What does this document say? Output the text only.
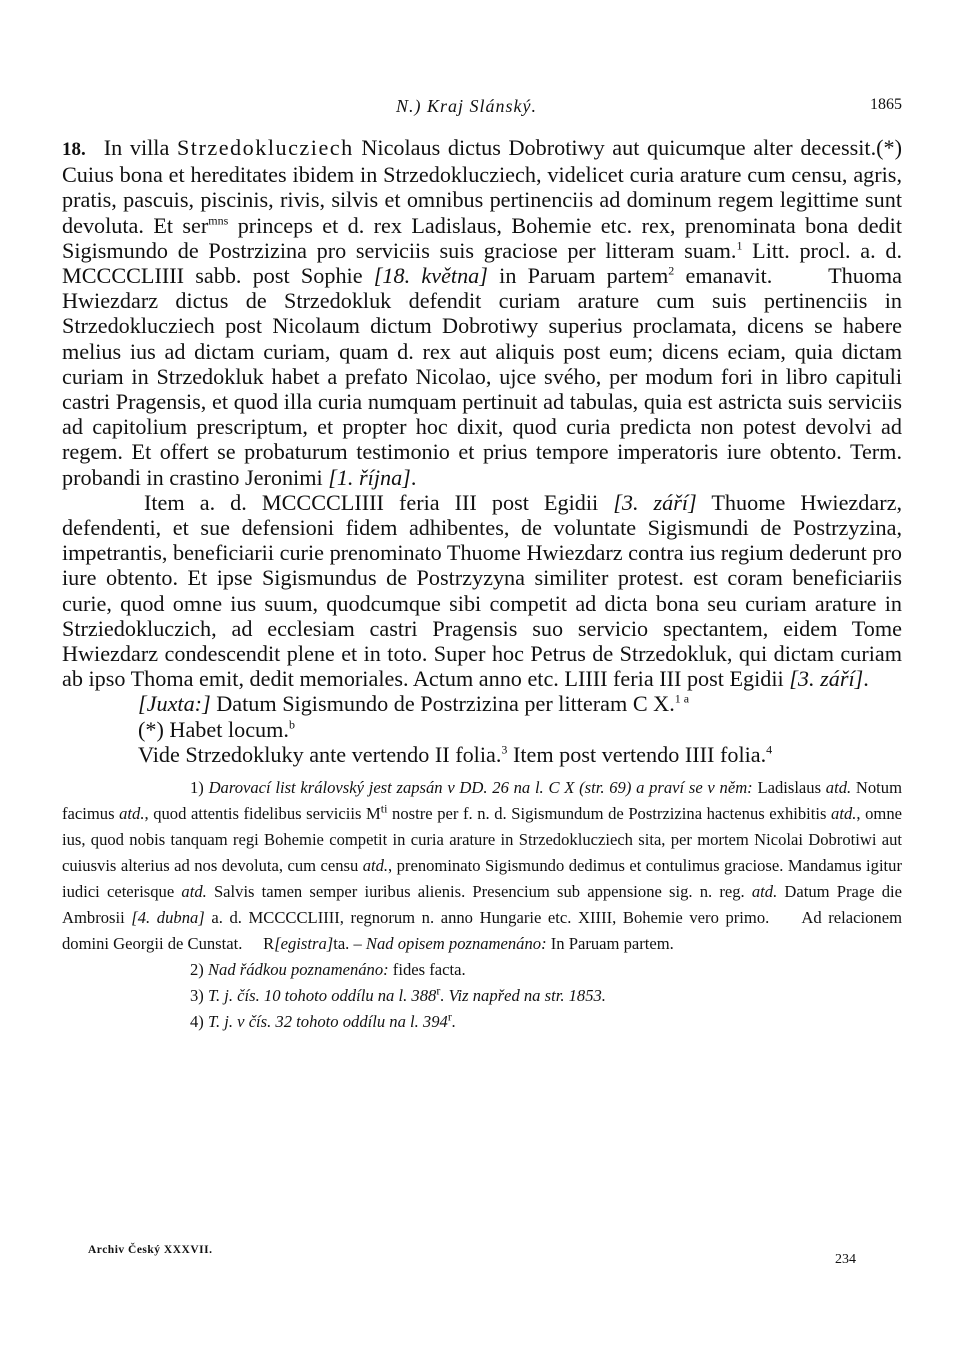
N.) Kraj Slánský.	1865

18. In villa Strzedoklucziech Nicolaus dictus Dobrotiwy aut quicumque alter decessit.(*) Cuius bona et hereditates ibidem in Strzedoklucziech, videlicet curia arature cum censu, agris, pratis, pascuis, piscinis, rivis, silvis et omnibus pertinenciis ad dominum regem legittime sunt devoluta. Et ser$^{mns}$ princeps et d. rex Ladislaus, Bohemie etc. rex, prenominata bona dedit Sigismundo de Postrzizina pro serviciis suis graciose per litteram suam.$^1$ Litt. procl. a. d. MCCCCLIIII sabb. post Sophie [18. května] in Paruam partem$^2$ emanavit.     Thuoma Hwiezdarz dictus de Strzedokluk defendit curiam arature cum suis pertinenciis in Strzedoklucziech post Nicolaum dictum Dobrotiwy superius proclamata, dicens se habere melius ius ad dictam curiam, quam d. rex aut aliquis post eum; dicens eciam, quia dictam curiam in Strzedokluk habet a prefato Nicolao, ujce svého, per modum fori in libro capituli castri Pragensis, et quod illa curia numquam pertinuit ad tabulas, quia est astricta suis serviciis ad capitolium prescriptum, et propter hoc dixit, quod curia predicta non potest devolvi ad regem. Et offert se probaturum testimonio et prius tempore imperatoris iure obtento. Term. probandi in crastino Jeronimi [1. října].

Item a. d. MCCCCLIIII feria III post Egidii [3. září] Thuome Hwiezdarz, defendenti, et sue defensioni fidem adhibentes, de voluntate Sigismundi de Postrzyzina, impetrantis, beneficiarii curie prenominato Thuome Hwiezdarz contra ius regium dederunt pro iure obtento. Et ipse Sigismundus de Postrzyzyna similiter protest. est coram beneficiariis curie, quod omne ius suum, quodcumque sibi competit ad dicta bona seu curiam arature in Strziedokluczich, ad ecclesiam castri Pragensis suo servicio spectantem, eidem Tome Hwiezdarz condescendit plene et in toto. Super hoc Petrus de Strzedokluk, qui dictam curiam ab ipso Thoma emit, dedit memoriales. Actum anno etc. LIIII feria III post Egidii [3. září].

[Juxta:] Datum Sigismundo de Postrzizina per litteram C X.$^{1 a}$

(*) Habet locum.$^b$

Vide Strzedokluky ante vertendo II folia.$^3$ Item post vertendo IIII folia.$^4$

1) Darovací list královský jest zapsán v DD. 26 na l. C X (str. 69) a praví se v něm: Ladislaus atd. Notum facimus atd., quod attentis fidelibus serviciis $M^{ti}$ nostre per f. n. d. Sigismundum de Postrzizina hactenus exhibitis atd., omne ius, quod nobis tanquam regi Bohemie competit in curia arature in Strzedoklucziech sita, per mortem Nicolai Dobrotiwi aut cuiusvis alterius ad nos devoluta, cum censu atd., prenominato Sigismundo dedimus et contulimus graciose. Mandamus igitur iudici ceterisque atd. Salvis tamen semper iuribus alienis. Presencium sub appensione sig. n. reg. atd. Datum Prage die Ambrosii [4. dubna] a. d. MCCCCLIIII, regnorum n. anno Hungarie etc. XIIII, Bohemie vero primo.     Ad relacionem domini Georgii de Cunstat.     R[egistra]ta. – Nad opisem poznamenáno: In Paruam partem.

2) Nad řádkou poznamenáno: fides facta.

3) T. j. čís. 10 tohoto oddílu na l. 388$^r$. Viz napřed na str. 1853.

4) T. j. v čís. 32 tohoto oddílu na l. 394$^r$.

Archiv Český XXXVII.
234
